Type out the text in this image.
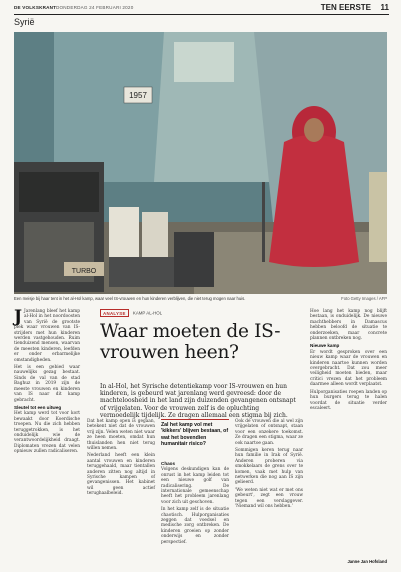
DE VOLKSKRANT DONDERDAG 24 FEBRUARI 2020	TEN EERSTE 11
Syrië
1957
TURBO
Een meisje bij haar tent in het al-Hol kamp, waar veel IS-vrouwen en hun kinderen verblijven, die niet terug mogen naar huis.	Foto Getty Images / AFP

J Jarenlang bleef het kamp al-Hol in het noordoosten van Syrië de grootste plek waar vrouwen van IS-strijders met hun kinderen werden vastgehouden. Ruim tienduizend mensen, waarvan de meesten kinderen, leefden er onder erbarmelijke omstandigheden.

Het is een gebied waar nauwelijks gezag bestaat. Sinds de val van de stad Baghuz in 2019 zijn de meeste vrouwen en kinderen van IS naar dit kamp gebracht.

Sleutel tot een uitweg

Het kamp werd tot voor kort bewaakt door Koerdische troepen. Nu die zich hebben teruggetrokken, is het onduidelijk wie de verantwoordelijkheid draagt. Diplomaten vrezen dat velen opnieuw zullen radicaliseren.

ANALYSE KAMP AL-HOL
Waar moeten de IS-vrouwen heen?
In al-Hol, het Syrische detentiekamp voor IS-vrouwen en hun kinderen, is gebeurd wat jarenlang werd gevreesd: door de machteloosheid in het land zijn duizenden gevangenen ontsnapt of vrijgelaten. Voor de vrouwen zelf is de opluchting vermoedelijk tijdelijk. Ze dragen allemaal een stigma bij zich.

Dat het kamp open is gegaan, betekent niet dat de vrouwen vrij zijn. Velen weten niet waar ze heen moeten, omdat hun thuislanden hen niet terug willen nemen.

Nederland heeft een klein aantal vrouwen en kinderen teruggehaald, maar tientallen anderen zitten nog altijd in Syrische kampen of gevangenissen. Het kabinet wil geen actief terughaalbeleid.

Zal het kamp vol met 'kikkers' blijven bestaan, of wat het bovendien humanitair risico?
Chaos

Volgens deskundigen kan de onrust in het kamp leiden tot een nieuwe golf van radicalisering. De internationale gemeenschap heeft het probleem jarenlang voor zich uit geschoven.

In het kamp zelf is de situatie chaotisch. Hulporganisaties zeggen dat voedsel en medische zorg ontbreken. De kinderen groeien op zonder onderwijs en zonder perspectief.

Ook de vrouwen die al wel zijn vrijgelaten of ontsnapt, staan voor een onzekere toekomst. Ze dragen een stigma, waar ze ook naartoe gaan.

Sommigen keren terug naar hun familie in Irak of Syrië. Anderen proberen via smokkelaars de grens over te komen, vaak met hulp van netwerken die nog aan IS zijn gelieerd.

'We weten niet wat er met ons gebeurt', zegt een vrouw tegen een verslaggever. 'Niemand wil ons hebben.'

Hoe lang het kamp nog blijft bestaan, is onduidelijk. De nieuwe machthebbers in Damascus hebben beloofd de situatie te onderzoeken, maar concrete plannen ontbreken nog.

Nieuwe kamp

Er wordt gesproken over een nieuw kamp waar de vrouwen en kinderen naartoe kunnen worden overgebracht. Dat zou meer veiligheid moeten bieden, maar critici vrezen dat het probleem daarmee alleen wordt verplaatst.

Hulporganisaties roepen landen op hun burgers terug te halen voordat de situatie verder escaleert.

Janne Jan Hofsland
